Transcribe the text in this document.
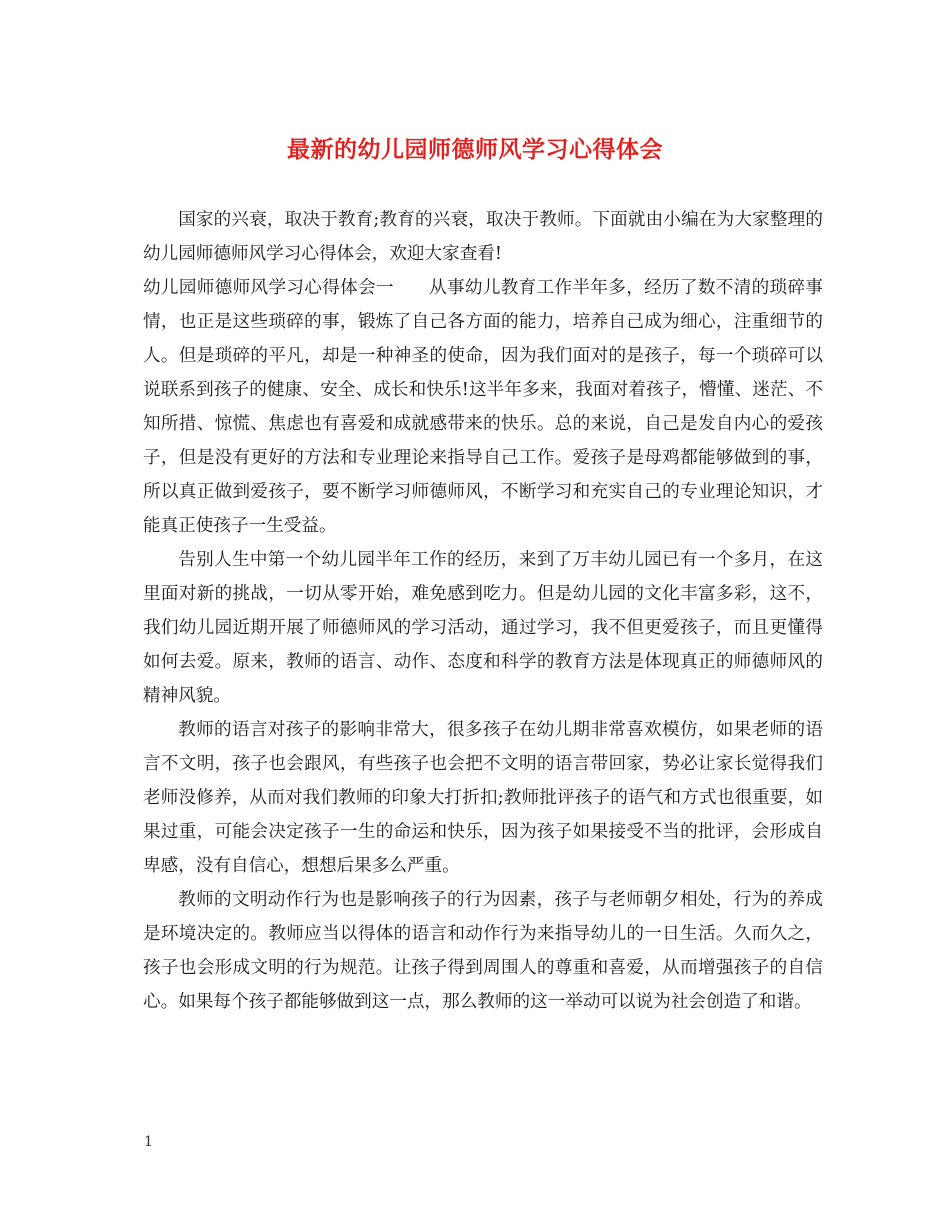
最新的幼儿园师德师风学习心得体会

国家的兴衰，取决于教育;教育的兴衰，取决于教师。下面就由小编在为大家整理的幼儿园师德师风学习心得体会，欢迎大家查看!

幼儿园师德师风学习心得体会一 从事幼儿教育工作半年多，经历了数不清的琐碎事情，也正是这些琐碎的事，锻炼了自己各方面的能力，培养自己成为细心，注重细节的人。但是琐碎的平凡，却是一种神圣的使命，因为我们面对的是孩子，每一个琐碎可以说联系到孩子的健康、安全、成长和快乐!这半年多来，我面对着孩子，懵懂、迷茫、不知所措、惊慌、焦虑也有喜爱和成就感带来的快乐。总的来说，自己是发自内心的爱孩子，但是没有更好的方法和专业理论来指导自己工作。爱孩子是母鸡都能够做到的事，所以真正做到爱孩子，要不断学习师德师风，不断学习和充实自己的专业理论知识，才能真正使孩子一生受益。

告别人生中第一个幼儿园半年工作的经历，来到了万丰幼儿园已有一个多月，在这里面对新的挑战，一切从零开始，难免感到吃力。但是幼儿园的文化丰富多彩，这不，我们幼儿园近期开展了师德师风的学习活动，通过学习，我不但更爱孩子，而且更懂得如何去爱。原来，教师的语言、动作、态度和科学的教育方法是体现真正的师德师风的精神风貌。

教师的语言对孩子的影响非常大，很多孩子在幼儿期非常喜欢模仿，如果老师的语言不文明，孩子也会跟风，有些孩子也会把不文明的语言带回家，势必让家长觉得我们老师没修养，从而对我们教师的印象大打折扣;教师批评孩子的语气和方式也很重要，如果过重，可能会决定孩子一生的命运和快乐，因为孩子如果接受不当的批评，会形成自卑感，没有自信心，想想后果多么严重。

教师的文明动作行为也是影响孩子的行为因素，孩子与老师朝夕相处，行为的养成是环境决定的。教师应当以得体的语言和动作行为来指导幼儿的一日生活。久而久之，孩子也会形成文明的行为规范。让孩子得到周围人的尊重和喜爱，从而增强孩子的自信心。如果每个孩子都能够做到这一点，那么教师的这一举动可以说为社会创造了和谐。

1
